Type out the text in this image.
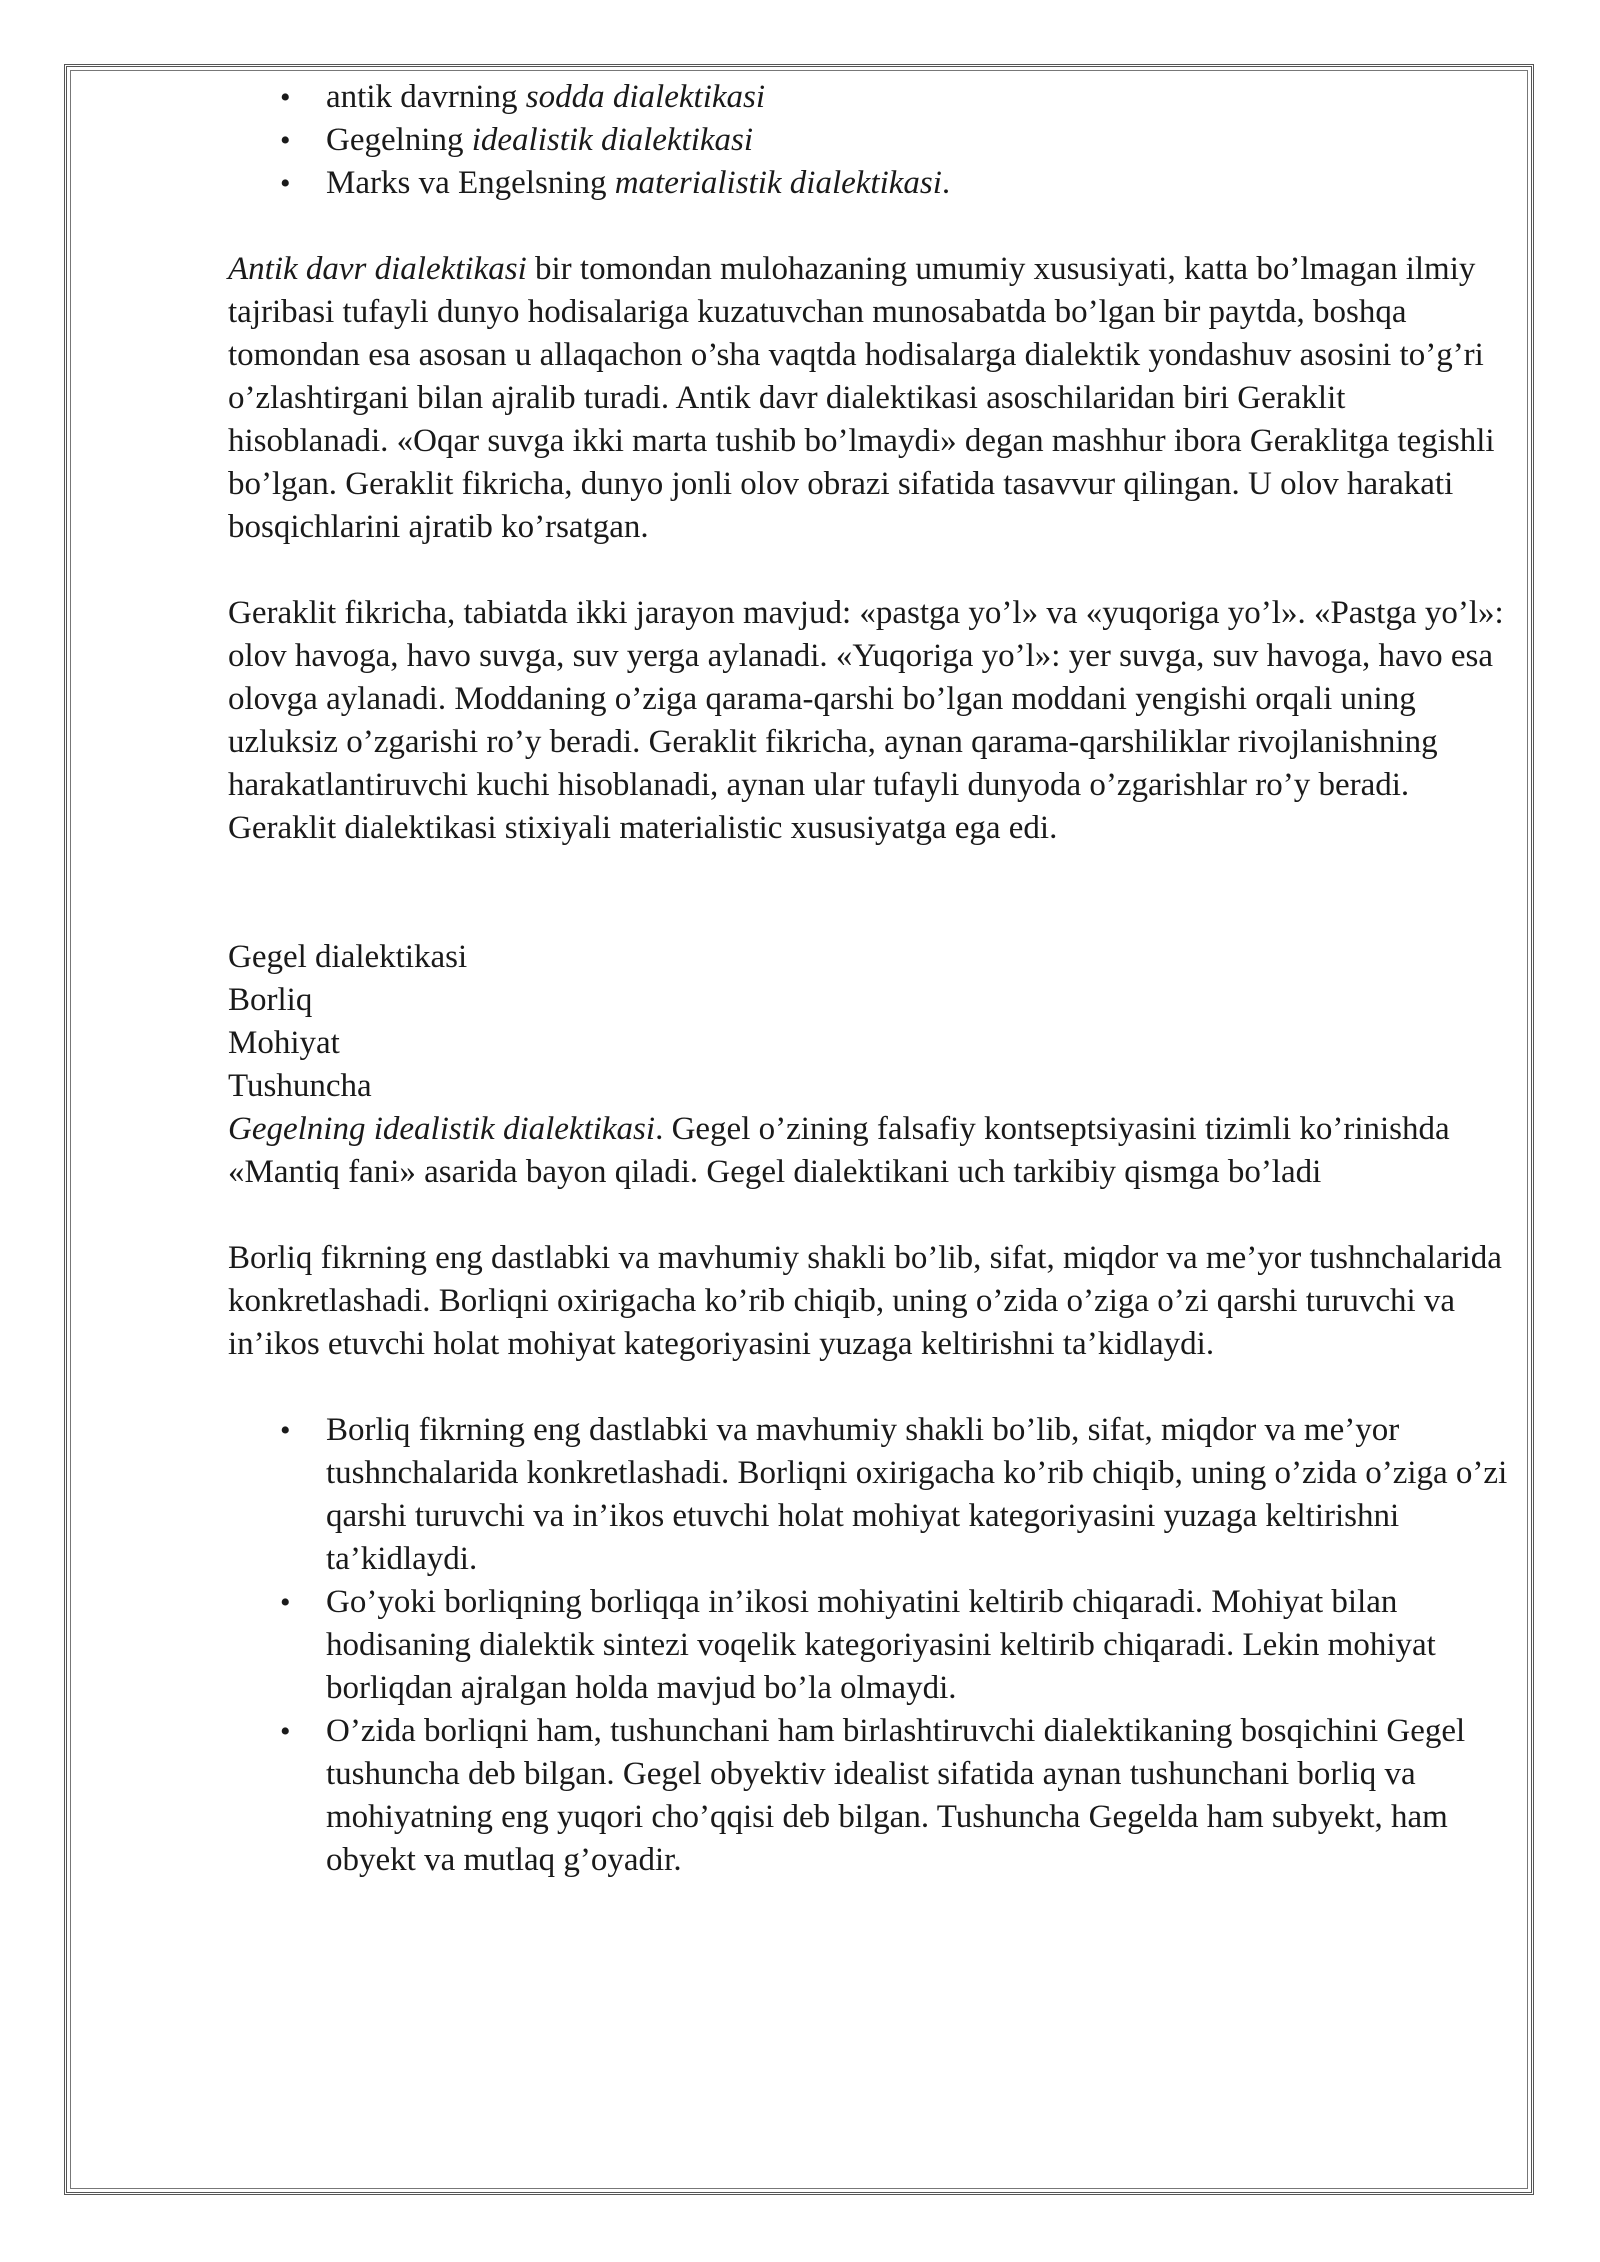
• antik davrning sodda dialektikasi
• Gegelning idealistik dialektikasi
• Marks va Engelsning materialistik dialektikasi.

Antik davr dialektikasi bir tomondan mulohazaning umumiy xususiyati, katta bo’lmagan ilmiy tajribasi tufayli dunyo hodisalariga kuzatuvchan munosabatda bo’lgan bir paytda, boshqa tomondan esa asosan u allaqachon o’sha vaqtda hodisalarga dialektik yondashuv asosini to’g’ri o’zlashtirgani bilan ajralib turadi. Antik davr dialektikasi asoschilaridan biri Geraklit hisoblanadi. «Oqar suvga ikki marta tushib bo’lmaydi» degan mashhur ibora Geraklitga tegishli bo’lgan. Geraklit fikricha, dunyo jonli olov obrazi sifatida tasavvur qilingan. U olov harakati bosqichlarini ajratib ko’rsatgan.

Geraklit fikricha, tabiatda ikki jarayon mavjud: «pastga yo’l» va «yuqoriga yo’l». «Pastga yo’l»: olov havoga, havo suvga, suv yerga aylanadi. «Yuqoriga yo’l»: yer suvga, suv havoga, havo esa olovga aylanadi. Moddaning o’ziga qarama-qarshi bo’lgan moddani yengishi orqali uning uzluksiz o’zgarishi ro’y beradi. Geraklit fikricha, aynan qarama-qarshiliklar rivojlanishning harakatlantiruvchi kuchi hisoblanadi, aynan ular tufayli dunyoda o’zgarishlar ro’y beradi. Geraklit dialektikasi stixiyali materialistic xususiyatga ega edi.

Gegel dialektikasi

Borliq

Mohiyat

Tushuncha

Gegelning idealistik dialektikasi. Gegel o’zining falsafiy kontseptsiyasini tizimli ko’rinishda «Mantiq fani» asarida bayon qiladi. Gegel dialektikani uch tarkibiy qismga bo’ladi

Borliq fikrning eng dastlabki va mavhumiy shakli bo’lib, sifat, miqdor va me’yor tushnchalarida konkretlashadi. Borliqni oxirigacha ko’rib chiqib, uning o’zida o’ziga o’zi qarshi turuvchi va in’ikos etuvchi holat mohiyat kategoriyasini yuzaga keltirishni ta’kidlaydi.

• Borliq fikrning eng dastlabki va mavhumiy shakli bo’lib, sifat, miqdor va me’yor tushnchalarida konkretlashadi. Borliqni oxirigacha ko’rib chiqib, uning o’zida o’ziga o’zi qarshi turuvchi va in’ikos etuvchi holat mohiyat kategoriyasini yuzaga keltirishni ta’kidlaydi.
• Go’yoki borliqning borliqqa in’ikosi mohiyatini keltirib chiqaradi. Mohiyat bilan hodisaning dialektik sintezi voqelik kategoriyasini keltirib chiqaradi. Lekin mohiyat borliqdan ajralgan holda mavjud bo’la olmaydi.
• O’zida borliqni ham, tushunchani ham birlashtiruvchi dialektikaning bosqichini Gegel tushuncha deb bilgan. Gegel obyektiv idealist sifatida aynan tushunchani borliq va mohiyatning eng yuqori cho’qqisi deb bilgan. Tushuncha Gegelda ham subyekt, ham obyekt va mutlaq g’oyadir.
